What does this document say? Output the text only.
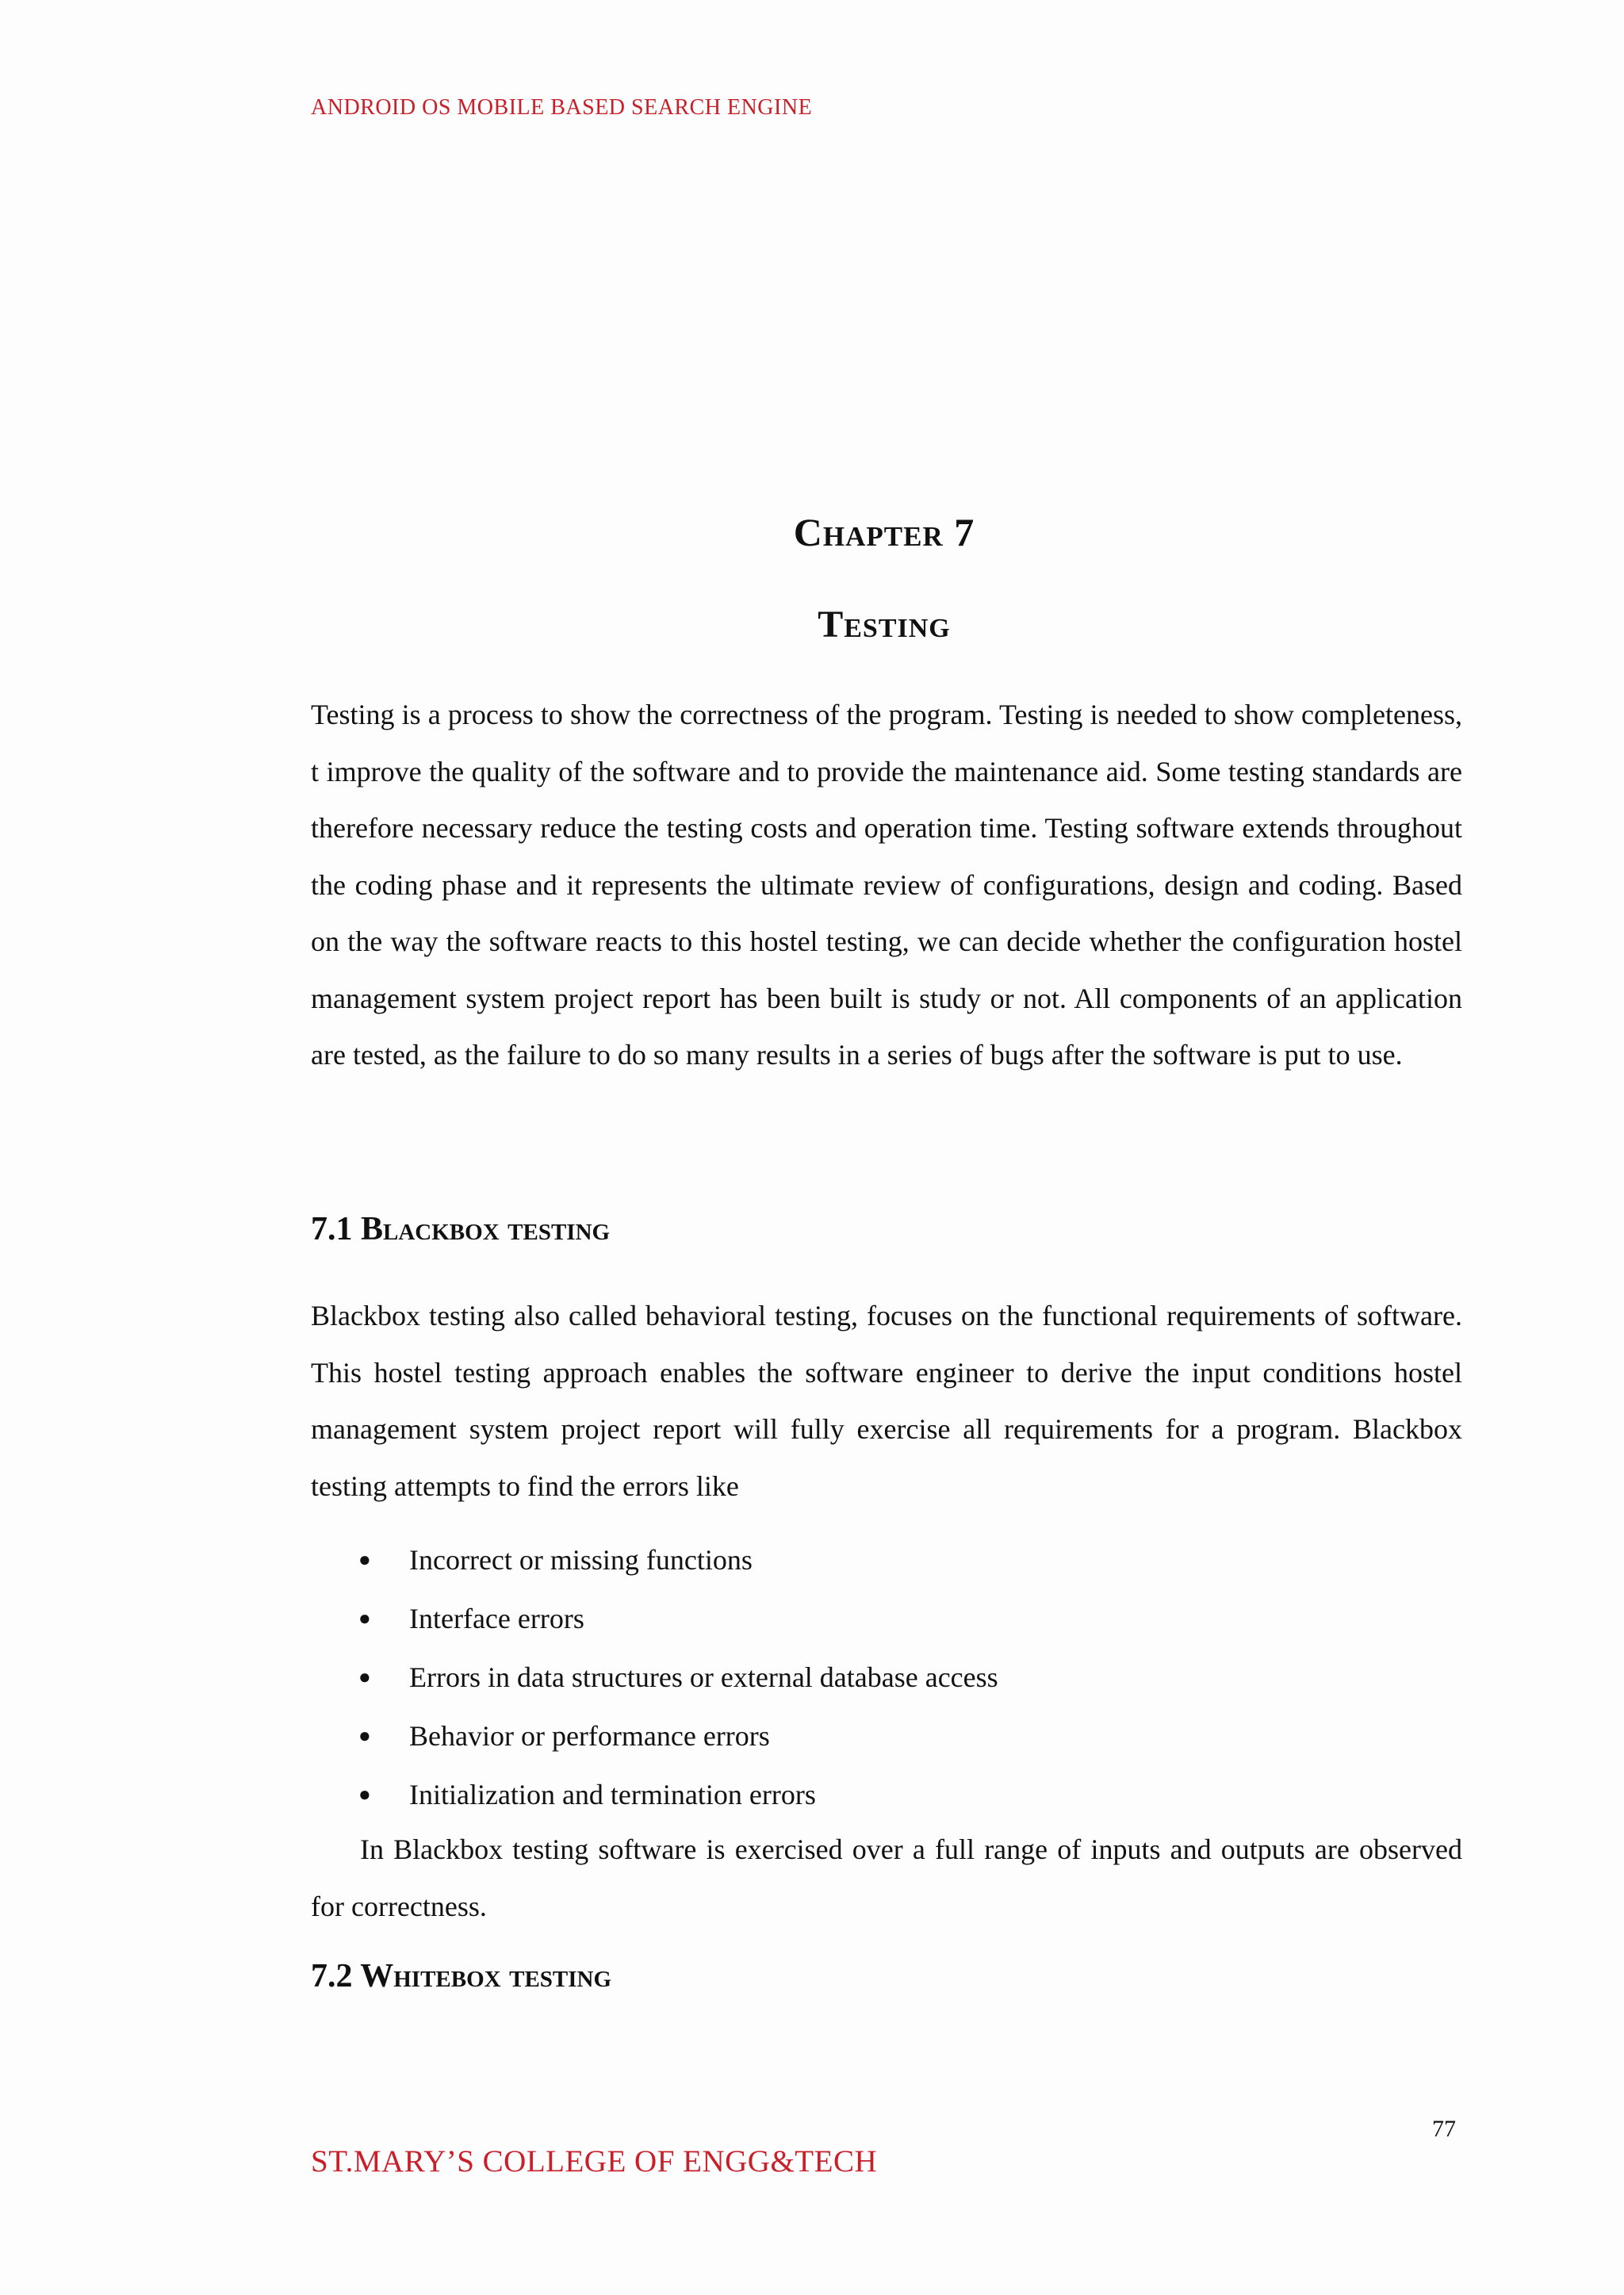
ANDROID OS MOBILE BASED SEARCH ENGINE
Chapter 7
Testing

Testing is a process to show the correctness of the program. Testing is needed to show completeness, t improve the quality of the software and to provide the maintenance aid. Some testing standards are therefore necessary reduce the testing costs and operation time. Testing software extends throughout the coding phase and it represents the ultimate review of configurations, design and coding. Based on the way the software reacts to this hostel testing, we can decide whether the configuration hostel management system project report has been built is study or not. All components of an application are tested, as the failure to do so many results in a series of bugs after the software is put to use.

7.1 Blackbox testing

Blackbox testing also called behavioral testing, focuses on the functional requirements of software. This hostel testing approach enables the software engineer to derive the input conditions hostel management system project report will fully exercise all requirements for a program. Blackbox testing attempts to find the errors like

●	Incorrect or missing functions
●	Interface errors
●	Errors in data structures or external database access
●	Behavior or performance errors
●	Initialization and termination errors

In Blackbox testing software is exercised over a full range of inputs and outputs are observed for correctness.

7.2 Whitebox testing
77
ST.MARY’S COLLEGE OF ENGG&TECH
